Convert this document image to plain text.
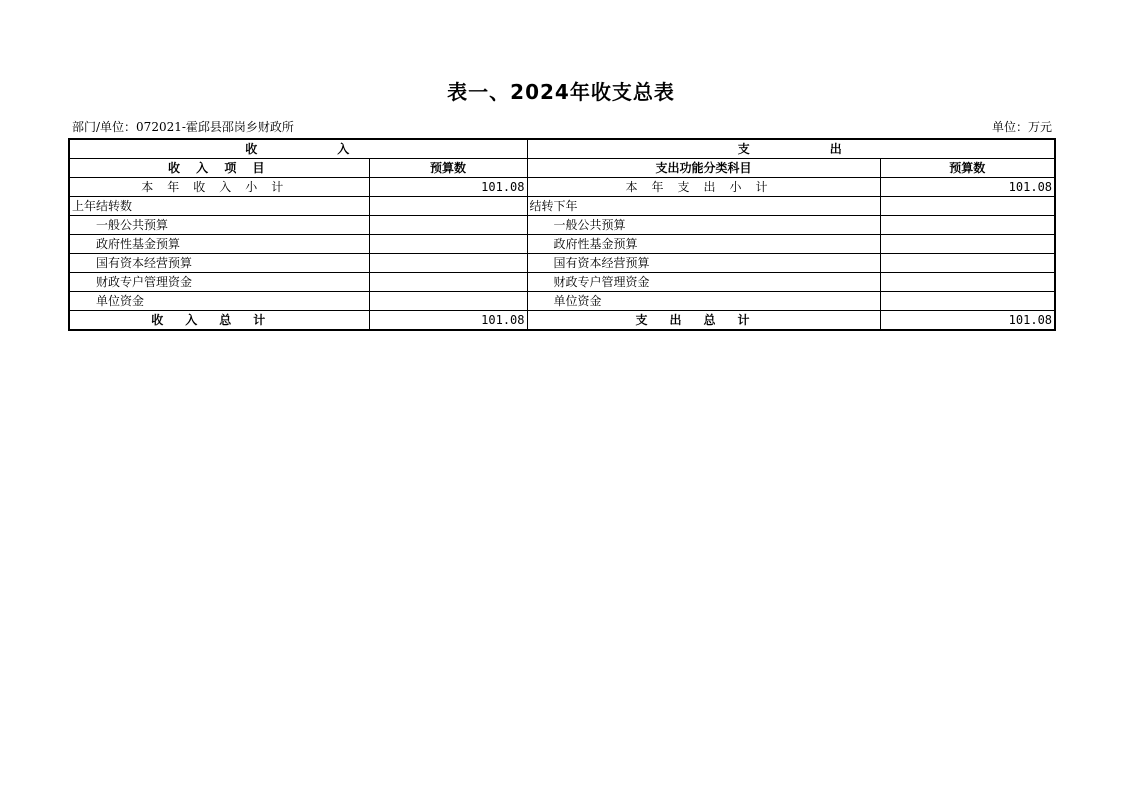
表一、2024年收支总表
部门/单位：072021-霍邱县邵岗乡财政所	单位：万元
收入		支出	
收 入 项 目	预算数	支出功能分类科目	预算数
本年收入小计	101.08	本年支出小计	101.08
上年结转数		结转下年	
一般公共预算		一般公共预算	
政府性基金预算		政府性基金预算	
国有资本经营预算		国有资本经营预算	
财政专户管理资金		财政专户管理资金	
单位资金		单位资金	
收入总计	101.08	支出总计	101.08
